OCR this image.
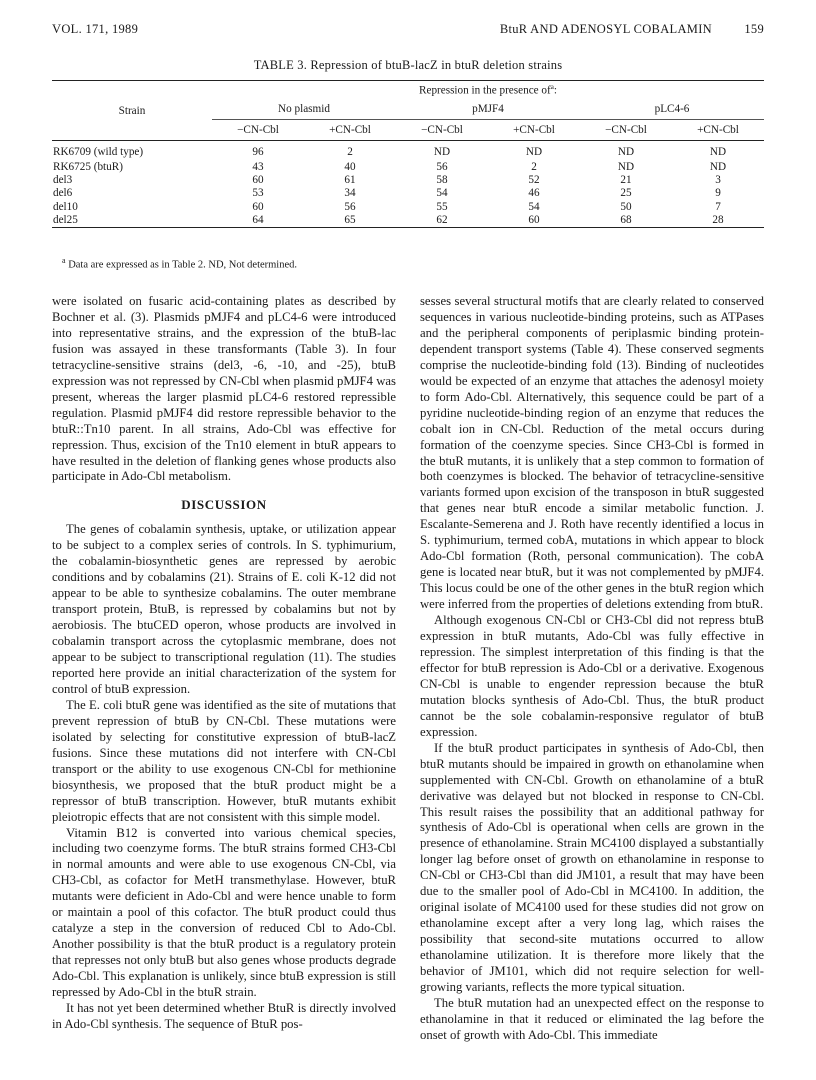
VOL. 171, 1989	BtuR AND ADENOSYL COBALAMIN	159
TABLE 3. Repression of btuB-lacZ in btuR deletion strains
Strain	Repression in the presence $of^a$:					
	No plasmid		pMJF4		pLC4-6	
	−CN-Cbl	+CN-Cbl	−CN-Cbl	+CN-Cbl	−CN-Cbl	+CN-Cbl
RK6709 (wild type)	96	2	ND	ND	ND	ND
RK6725 (btuR)	43	40	56	2	ND	ND
del3	60	61	58	52	21	3
del6	53	34	54	46	25	9
del10	60	56	55	54	50	7
del25	64	65	62	60	68	28
$^a$ Data are expressed as in Table 2. ND, Not determined.

were isolated on fusaric acid-containing plates as described by Bochner et al. (3). Plasmids pMJF4 and pLC4-6 were introduced into representative strains, and the expression of the btuB-lac fusion was assayed in these transformants (Table 3). In four tetracycline-sensitive strains (del3, -6, -10, and -25), btuB expression was not repressed by CN-Cbl when plasmid pMJF4 was present, whereas the larger plasmid pLC4-6 restored repressible regulation. Plasmid pMJF4 did restore repressible behavior to the btuR::Tn10 parent. In all strains, Ado-Cbl was effective for repression. Thus, excision of the Tn10 element in btuR appears to have resulted in the deletion of flanking genes whose products also participate in Ado-Cbl metabolism.

DISCUSSION

The genes of cobalamin synthesis, uptake, or utilization appear to be subject to a complex series of controls. In S. typhimurium, the cobalamin-biosynthetic genes are repressed by aerobic conditions and by cobalamins (21). Strains of E. coli K-12 did not appear to be able to synthesize cobalamins. The outer membrane transport protein, BtuB, is repressed by cobalamins but not by aerobiosis. The btuCED operon, whose products are involved in cobalamin transport across the cytoplasmic membrane, does not appear to be subject to transcriptional regulation (11). The studies reported here provide an initial characterization of the system for control of btuB expression.

The E. coli btuR gene was identified as the site of mutations that prevent repression of btuB by CN-Cbl. These mutations were isolated by selecting for constitutive expression of btuB-lacZ fusions. Since these mutations did not interfere with CN-Cbl transport or the ability to use exogenous CN-Cbl for methionine biosynthesis, we proposed that the btuR product might be a repressor of btuB transcription. However, btuR mutants exhibit pleiotropic effects that are not consistent with this simple model.

Vitamin B12 is converted into various chemical species, including two coenzyme forms. The btuR strains formed CH3-Cbl in normal amounts and were able to use exogenous CN-Cbl, via CH3-Cbl, as cofactor for MetH transmethylase. However, btuR mutants were deficient in Ado-Cbl and were hence unable to form or maintain a pool of this cofactor. The btuR product could thus catalyze a step in the conversion of reduced Cbl to Ado-Cbl. Another possibility is that the btuR product is a regulatory protein that represses not only btuB but also genes whose products degrade Ado-Cbl. This explanation is unlikely, since btuB expression is still repressed by Ado-Cbl in the btuR strain.

It has not yet been determined whether BtuR is directly involved in Ado-Cbl synthesis. The sequence of BtuR pos-

sesses several structural motifs that are clearly related to conserved sequences in various nucleotide-binding proteins, such as ATPases and the peripheral components of periplasmic binding protein-dependent transport systems (Table 4). These conserved segments comprise the nucleotide-binding fold (13). Binding of nucleotides would be expected of an enzyme that attaches the adenosyl moiety to form Ado-Cbl. Alternatively, this sequence could be part of a pyridine nucleotide-binding region of an enzyme that reduces the cobalt ion in CN-Cbl. Reduction of the metal occurs during formation of the coenzyme species. Since CH3-Cbl is formed in the btuR mutants, it is unlikely that a step common to formation of both coenzymes is blocked. The behavior of tetracycline-sensitive variants formed upon excision of the transposon in btuR suggested that genes near btuR encode a similar metabolic function. J. Escalante-Semerena and J. Roth have recently identified a locus in S. typhimurium, termed cobA, mutations in which appear to block Ado-Cbl formation (Roth, personal communication). The cobA gene is located near btuR, but it was not complemented by pMJF4. This locus could be one of the other genes in the btuR region which were inferred from the properties of deletions extending from btuR.

Although exogenous CN-Cbl or CH3-Cbl did not repress btuB expression in btuR mutants, Ado-Cbl was fully effective in repression. The simplest interpretation of this finding is that the effector for btuB repression is Ado-Cbl or a derivative. Exogenous CN-Cbl is unable to engender repression because the btuR mutation blocks synthesis of Ado-Cbl. Thus, the btuR product cannot be the sole cobalamin-responsive regulator of btuB expression.

If the btuR product participates in synthesis of Ado-Cbl, then btuR mutants should be impaired in growth on ethanolamine when supplemented with CN-Cbl. Growth on ethanolamine of a btuR derivative was delayed but not blocked in response to CN-Cbl. This result raises the possibility that an additional pathway for synthesis of Ado-Cbl is operational when cells are grown in the presence of ethanolamine. Strain MC4100 displayed a substantially longer lag before onset of growth on ethanolamine in response to CN-Cbl or CH3-Cbl than did JM101, a result that may have been due to the smaller pool of Ado-Cbl in MC4100. In addition, the original isolate of MC4100 used for these studies did not grow on ethanolamine except after a very long lag, which raises the possibility that second-site mutations occurred to allow ethanolamine utilization. It is therefore more likely that the behavior of JM101, which did not require selection for well-growing variants, reflects the more typical situation.

The btuR mutation had an unexpected effect on the response to ethanolamine in that it reduced or eliminated the lag before the onset of growth with Ado-Cbl. This immediate
